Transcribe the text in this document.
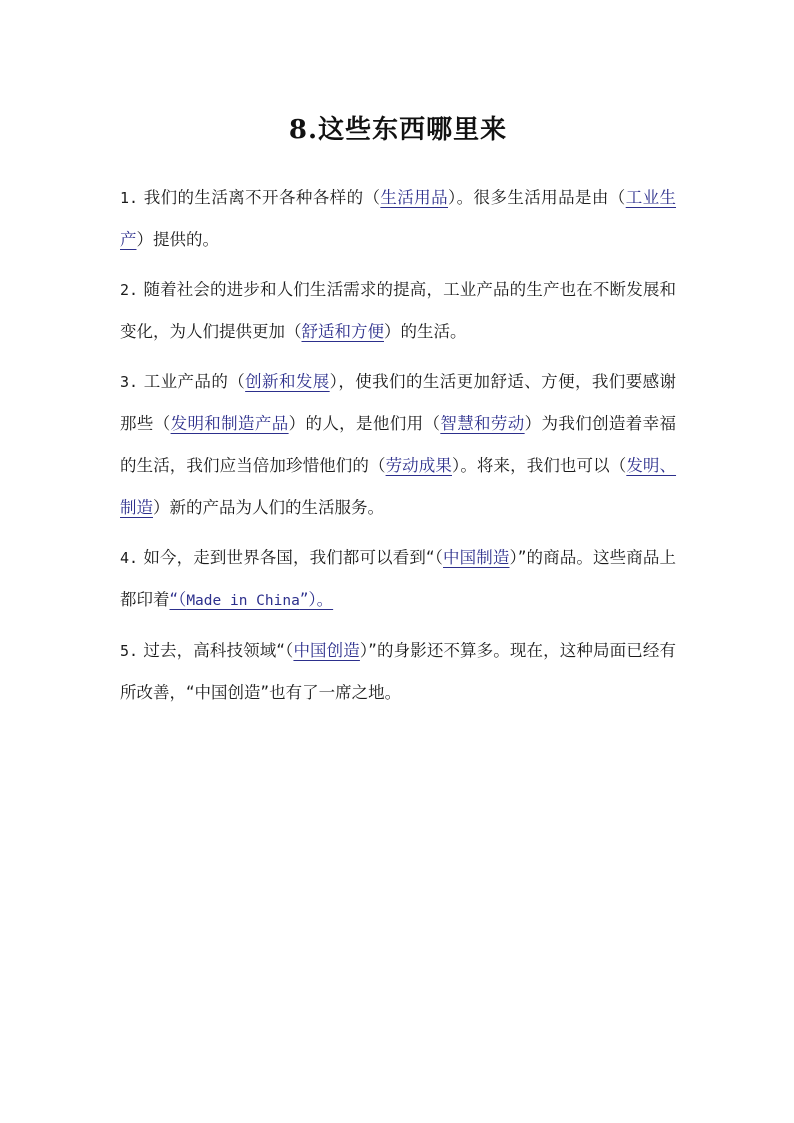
8.这些东西哪里来

1. 我们的生活离不开各种各样的（生活用品）。很多生活用品是由（工业生产）提供的。

2. 随着社会的进步和人们生活需求的提高，工业产品的生产也在不断发展和变化，为人们提供更加（舒适和方便）的生活。

3. 工业产品的（创新和发展），使我们的生活更加舒适、方便，我们要感谢那些（发明和制造产品）的人，是他们用（智慧和劳动）为我们创造着幸福的生活，我们应当倍加珍惜他们的（劳动成果）。将来，我们也可以（发明、制造）新的产品为人们的生活服务。

4. 如今，走到世界各国，我们都可以看到“（中国制造）”的商品。这些商品上都印着“（Made in China”）。

5. 过去，高科技领域“（中国创造）”的身影还不算多。现在，这种局面已经有所改善，“中国创造”也有了一席之地。
